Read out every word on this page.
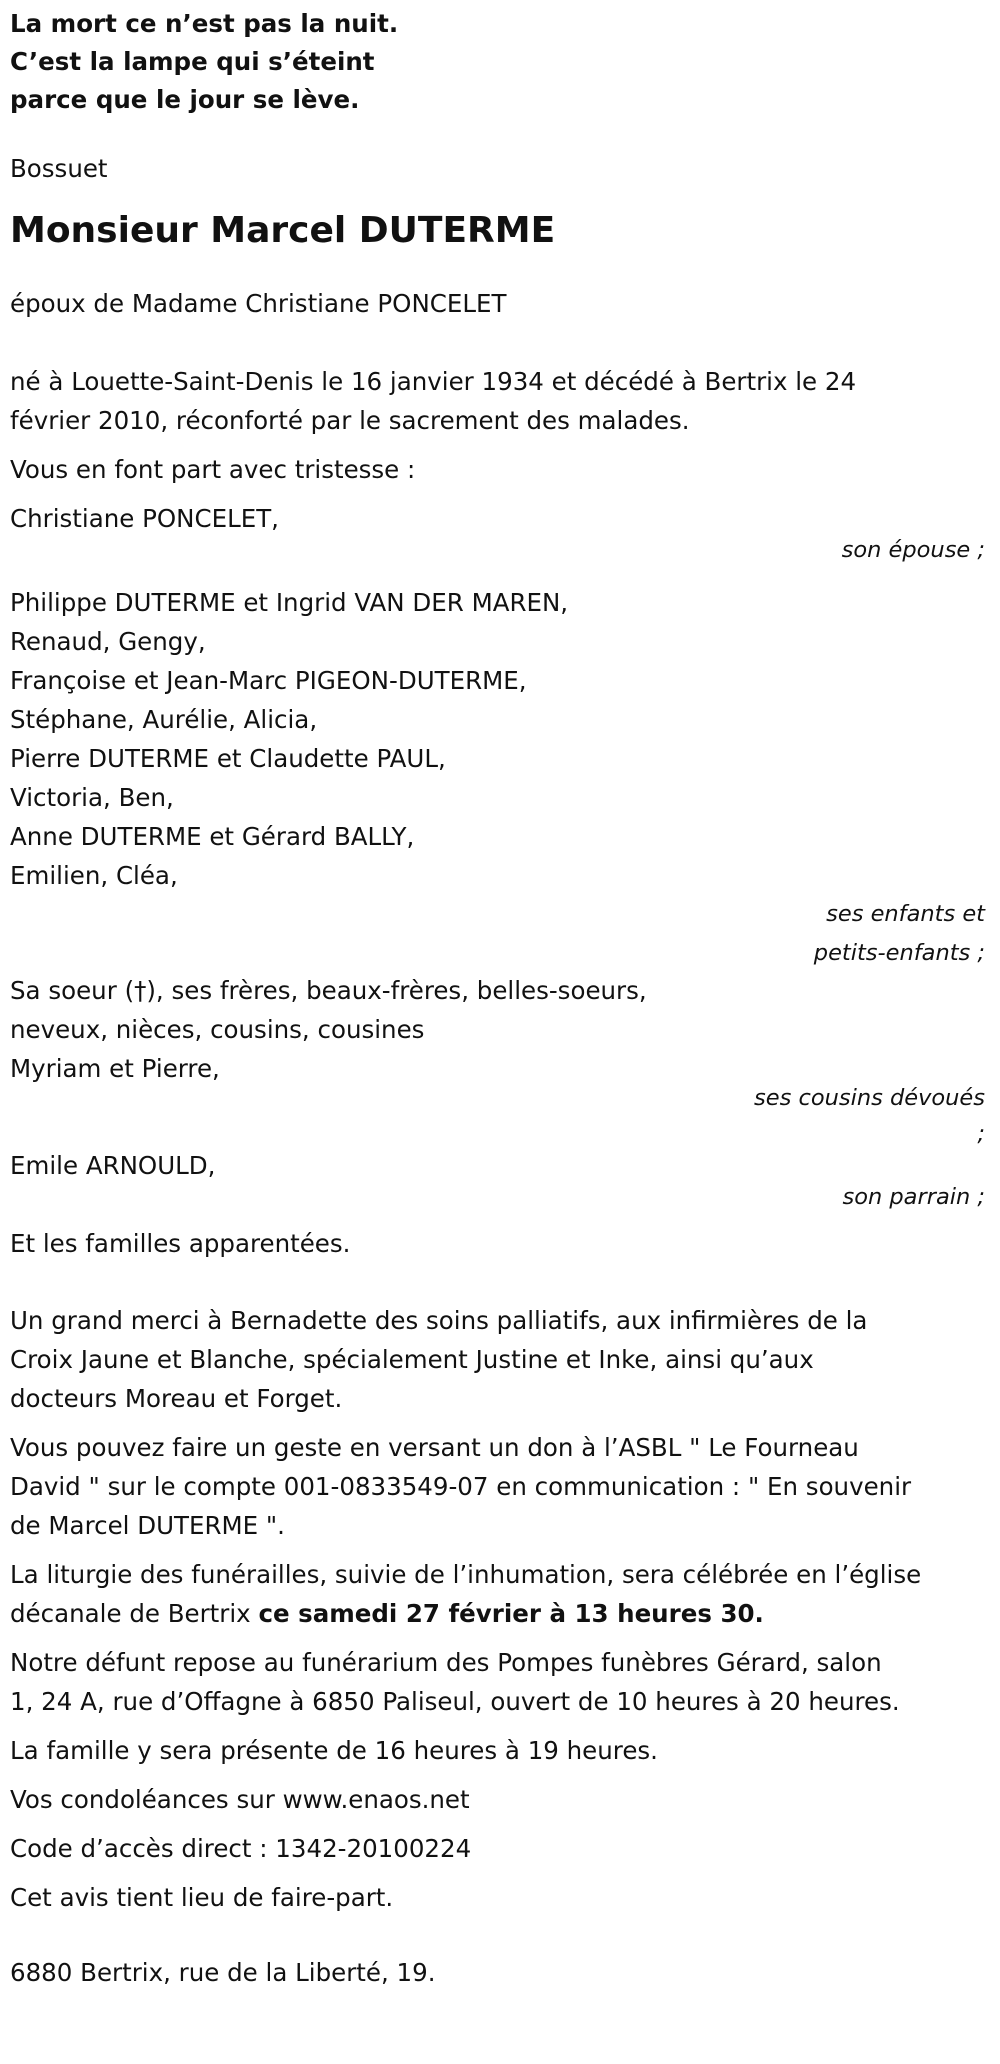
La mort ce n’est pas la nuit.
C’est la lampe qui s’éteint
parce que le jour se lève.
Bossuet
Monsieur Marcel DUTERME
époux de Madame Christiane PONCELET
né à Louette-Saint-Denis le 16 janvier 1934 et décédé à Bertrix le 24
février 2010, réconforté par le sacrement des malades.
Vous en font part avec tristesse :
Christiane PONCELET,
son épouse ;
Philippe DUTERME et Ingrid VAN DER MAREN,
Renaud, Gengy,
Françoise et Jean-Marc PIGEON-DUTERME,
Stéphane, Aurélie, Alicia,
Pierre DUTERME et Claudette PAUL,
Victoria, Ben,
Anne DUTERME et Gérard BALLY,
Emilien, Cléa,
ses enfants et
petits-enfants ;
Sa soeur (†), ses frères, beaux-frères, belles-soeurs,
neveux, nièces, cousins, cousines
Myriam et Pierre,
ses cousins dévoués
;
Emile ARNOULD,
son parrain ;
Et les familles apparentées.
Un grand merci à Bernadette des soins palliatifs, aux infirmières de la
Croix Jaune et Blanche, spécialement Justine et Inke, ainsi qu’aux
docteurs Moreau et Forget.
Vous pouvez faire un geste en versant un don à l’ASBL " Le Fourneau
David " sur le compte 001-0833549-07 en communication : " En souvenir
de Marcel DUTERME ".
La liturgie des funérailles, suivie de l’inhumation, sera célébrée en l’église
décanale de Bertrix ce samedi 27 février à 13 heures 30.
Notre défunt repose au funérarium des Pompes funèbres Gérard, salon
1, 24 A, rue d’Offagne à 6850 Paliseul, ouvert de 10 heures à 20 heures.
La famille y sera présente de 16 heures à 19 heures.
Vos condoléances sur www.enaos.net
Code d’accès direct : 1342-20100224
Cet avis tient lieu de faire-part.
6880 Bertrix, rue de la Liberté, 19.
